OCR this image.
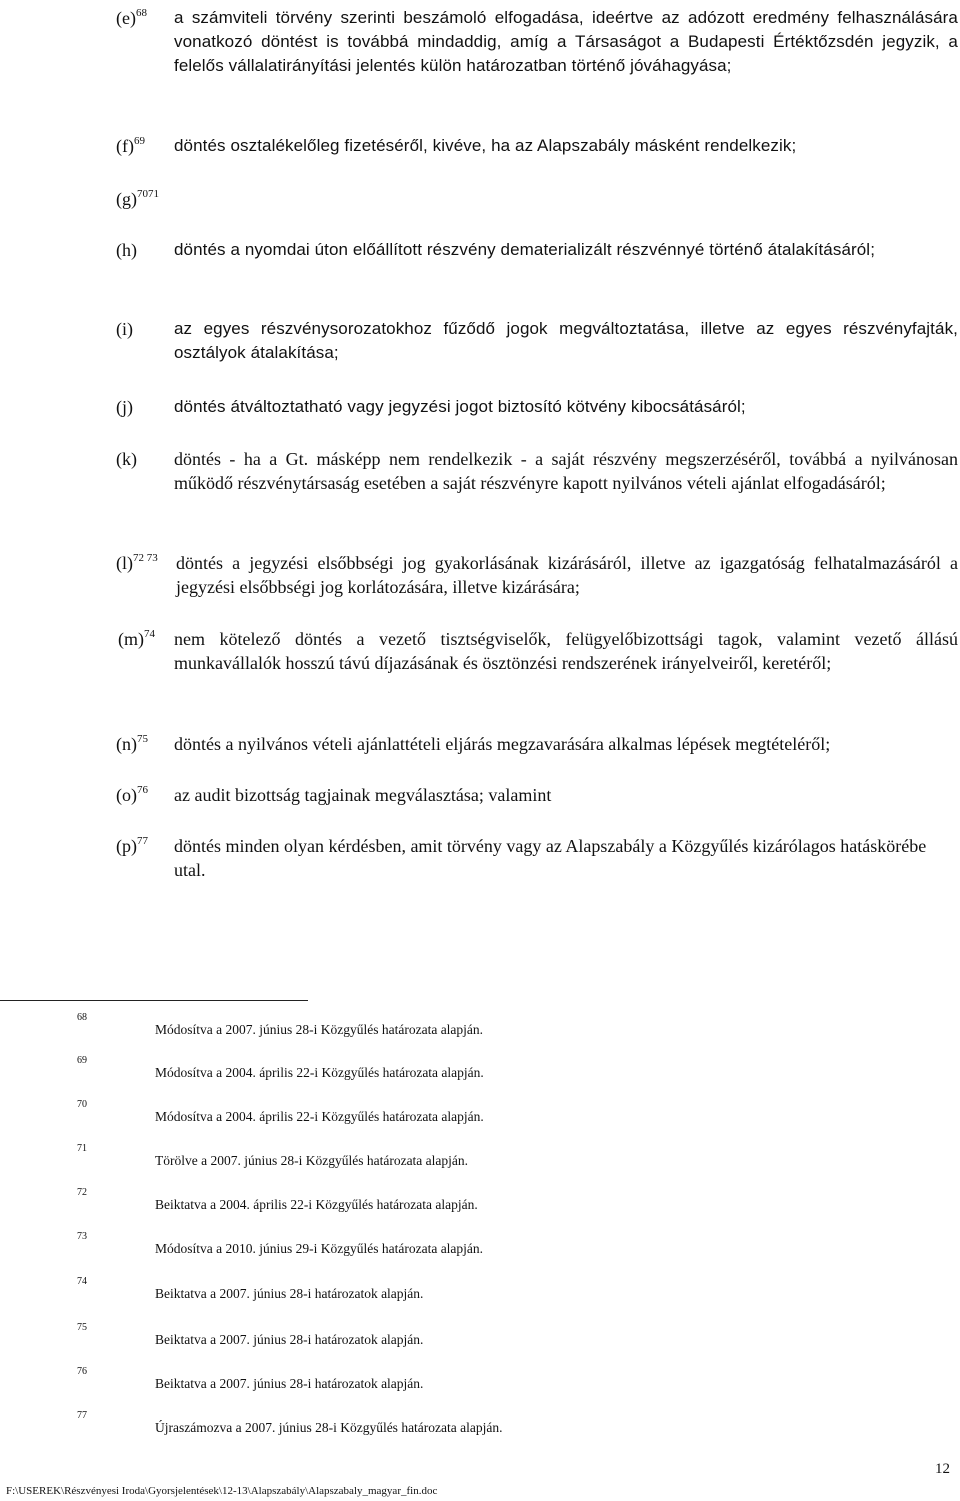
$(e)^{68}$ a számviteli törvény szerinti beszámoló elfogadása, ideértve az adózott eredmény felhasználására vonatkozó döntést is továbbá mindaddig, amíg a Társaságot a Budapesti Értéktőzsdén jegyzik, a felelős vállalatirányítási jelentés külön határozatban történő jóváhagyása;
$(f)^{69}$ döntés osztalékelőleg fizetéséről, kivéve, ha az Alapszabály másként rendelkezik;
$(g)^{7071}$
(h) döntés a nyomdai úton előállított részvény dematerializált részvénnyé történő átalakításáról;
(i) az egyes részvénysorozatokhoz fűződő jogok megváltoztatása, illetve az egyes részvényfajták, osztályok átalakítása;
(j) döntés átváltoztatható vagy jegyzési jogot biztosító kötvény kibocsátásáról;
(k) döntés - ha a Gt. másképp nem rendelkezik - a saját részvény megszerzéséről, továbbá a nyilvánosan működő részvénytársaság esetében a saját részvényre kapott nyilvános vételi ajánlat elfogadásáról;
$(l)^{72 73}$ döntés a jegyzési elsőbbségi jog gyakorlásának kizárásáról, illetve az igazgatóság felhatalmazásáról a jegyzési elsőbbségi jog korlátozására, illetve kizárására;
$(m)^{74}$ nem kötelező döntés a vezető tisztségviselők, felügyelőbizottsági tagok, valamint vezető állású munkavállalók hosszú távú díjazásának és ösztönzési rendszerének irányelveiről, keretéről;
$(n)^{75}$ döntés a nyilvános vételi ajánlattételi eljárás megzavarására alkalmas lépések megtételéről;
$(o)^{76}$ az audit bizottság tagjainak megválasztása; valamint
$(p)^{77}$ döntés minden olyan kérdésben, amit törvény vagy az Alapszabály a Közgyűlés kizárólagos hatáskörébe utal.
68
Módosítva a 2007. június 28-i Közgyűlés határozata alapján.
69
Módosítva a 2004. április 22-i Közgyűlés határozata alapján.
70
Módosítva a 2004. április 22-i Közgyűlés határozata alapján.
71
Törölve a 2007. június 28-i Közgyűlés határozata alapján.
72
Beiktatva a 2004. április 22-i Közgyűlés határozata alapján.
73
Módosítva a 2010. június 29-i Közgyűlés határozata alapján.
74
Beiktatva a 2007. június 28-i határozatok alapján.
75
Beiktatva a 2007. június 28-i határozatok alapján.
76
Beiktatva a 2007. június 28-i határozatok alapján.
77
Újraszámozva a 2007. június 28-i Közgyűlés határozata alapján.
12
F:\USEREK\Részvényesi Iroda\Gyorsjelentések\12-13\Alapszabály\Alapszabaly_magyar_fin.doc
